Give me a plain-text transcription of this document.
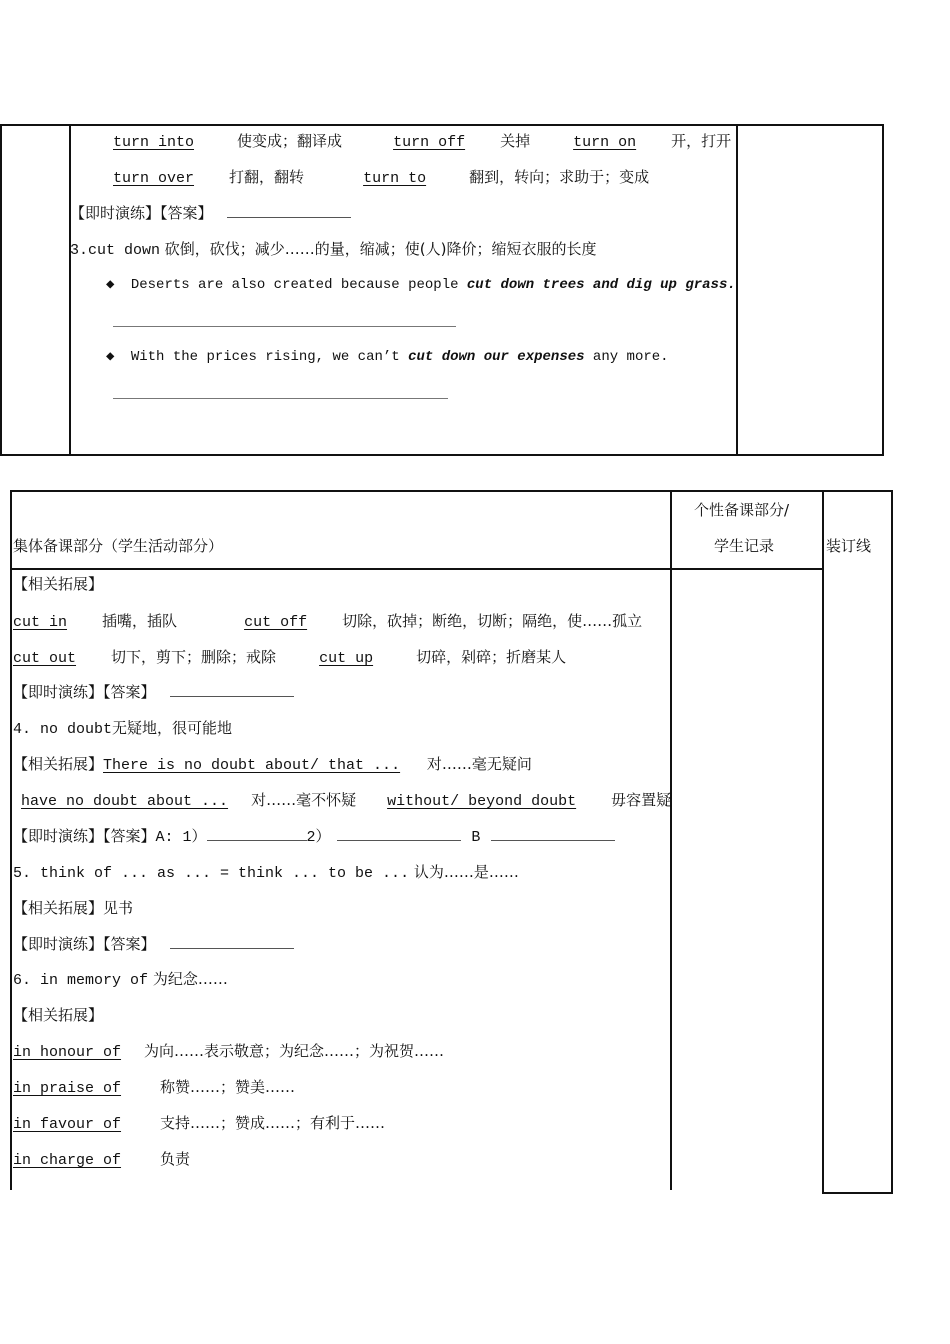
turn into	使变成；翻译成	turn off 关掉	turn on 开，打开
turn over 打翻，翻转	turn to	翻到，转向；求助于；变成
【即时演练】【答案】
3.cut down 砍倒，砍伐；减少……的量，缩减；使(人)降价；缩短衣服的长度
◆ Deserts are also created because people cut down trees and dig up grass.
◆ With the prices rising, we can’t cut down our expenses any more.
集体备课部分（学生活动部分）
个性备课部分/
学生记录	装订线
【相关拓展】
cut in 插嘴，插队	cut off 切除，砍掉；断绝，切断；隔绝，使……孤立
cut out 切下，剪下；删除；戒除	cut up	切碎，剁碎；折磨某人
【即时演练】【答案】
4. no doubt无疑地，很可能地
【相关拓展】There is no doubt about/ that ... 对……毫无疑问
have no doubt about ... 对……毫不怀疑 without/ beyond doubt 毋容置疑
【即时演练】【答案】A: 1）	2）	B
5. think of ... as ... = think ... to be ... 认为……是……
【相关拓展】见书
【即时演练】【答案】
6. in memory of 为纪念……
【相关拓展】
in honour of 为向……表示敬意；为纪念……；为祝贺……
in praise of	称赞……；赞美……
in favour of	支持……；赞成……；有利于……
in charge of	负责
